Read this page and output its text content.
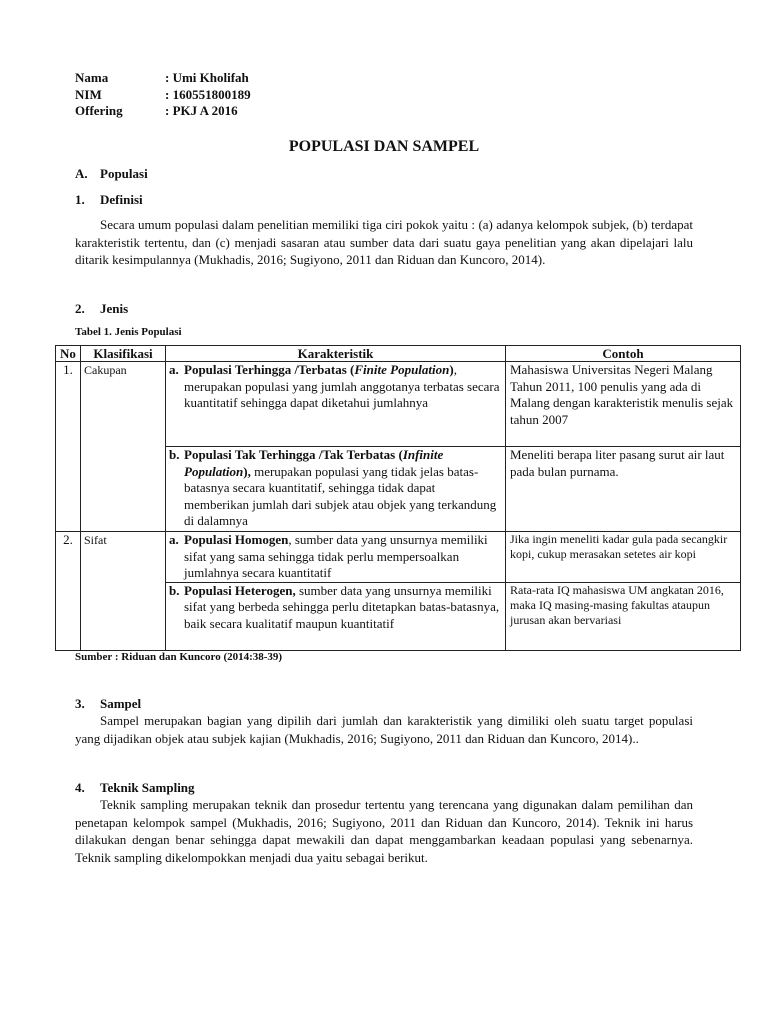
Nama	: Umi Kholifah
NIM	: 160551800189
Offering	: PKJ A 2016
POPULASI DAN SAMPEL
A. Populasi
1. Definisi
Secara umum populasi dalam penelitian memiliki tiga ciri pokok yaitu : (a) adanya kelompok subjek, (b) terdapat karakteristik tertentu, dan (c) menjadi sasaran atau sumber data dari suatu gaya penelitian yang akan dipelajari lalu ditarik kesimpulannya (Mukhadis, 2016; Sugiyono, 2011 dan Riduan dan Kuncoro, 2014).
2. Jenis
Tabel 1. Jenis Populasi
No	Klasifikasi	Karakteristik	Contoh
1.	Cakupan	a. Populasi Terhingga /Terbatas (Finite Population), merupakan populasi yang jumlah anggotanya terbatas secara kuantitatif sehingga dapat diketahui jumlahnya	Mahasiswa Universitas Negeri Malang Tahun 2011, 100 penulis yang ada di Malang dengan karakteristik menulis sejak tahun 2007

		b. Populasi Tak Terhingga /Tak Terbatas (Infinite Population), merupakan populasi yang tidak jelas batas-batasnya secara kuantitatif, sehingga tidak dapat memberikan jumlah dari subjek atau objek yang terkandung di dalamnya	Meneliti berapa liter pasang surut air laut pada bulan purnama.
2.	Sifat	a. Populasi Homogen, sumber data yang unsurnya memiliki sifat yang sama sehingga tidak perlu mempersoalkan jumlahnya secara kuantitatif	Jika ingin meneliti kadar gula pada secangkir kopi, cukup merasakan setetes air kopi

		b. Populasi Heterogen, sumber data yang unsurnya memiliki sifat yang berbeda sehingga perlu ditetapkan batas-batasnya, baik secara kualitatif maupun kuantitatif	Rata-rata IQ mahasiswa UM angkatan 2016, maka IQ masing-masing fakultas ataupun jurusan akan bervariasi
Sumber : Riduan dan Kuncoro (2014:38-39)
3. Sampel
Sampel merupakan bagian yang dipilih dari jumlah dan karakteristik yang dimiliki oleh suatu target populasi yang dijadikan objek atau subjek kajian (Mukhadis, 2016; Sugiyono, 2011 dan Riduan dan Kuncoro, 2014)..
4. Teknik Sampling
Teknik sampling merupakan teknik dan prosedur tertentu yang terencana yang digunakan dalam pemilihan dan penetapan kelompok sampel (Mukhadis, 2016; Sugiyono, 2011 dan Riduan dan Kuncoro, 2014). Teknik ini harus dilakukan dengan benar sehingga dapat mewakili dan dapat menggambarkan keadaan populasi yang sebenarnya. Teknik sampling dikelompokkan menjadi dua yaitu sebagai berikut.
